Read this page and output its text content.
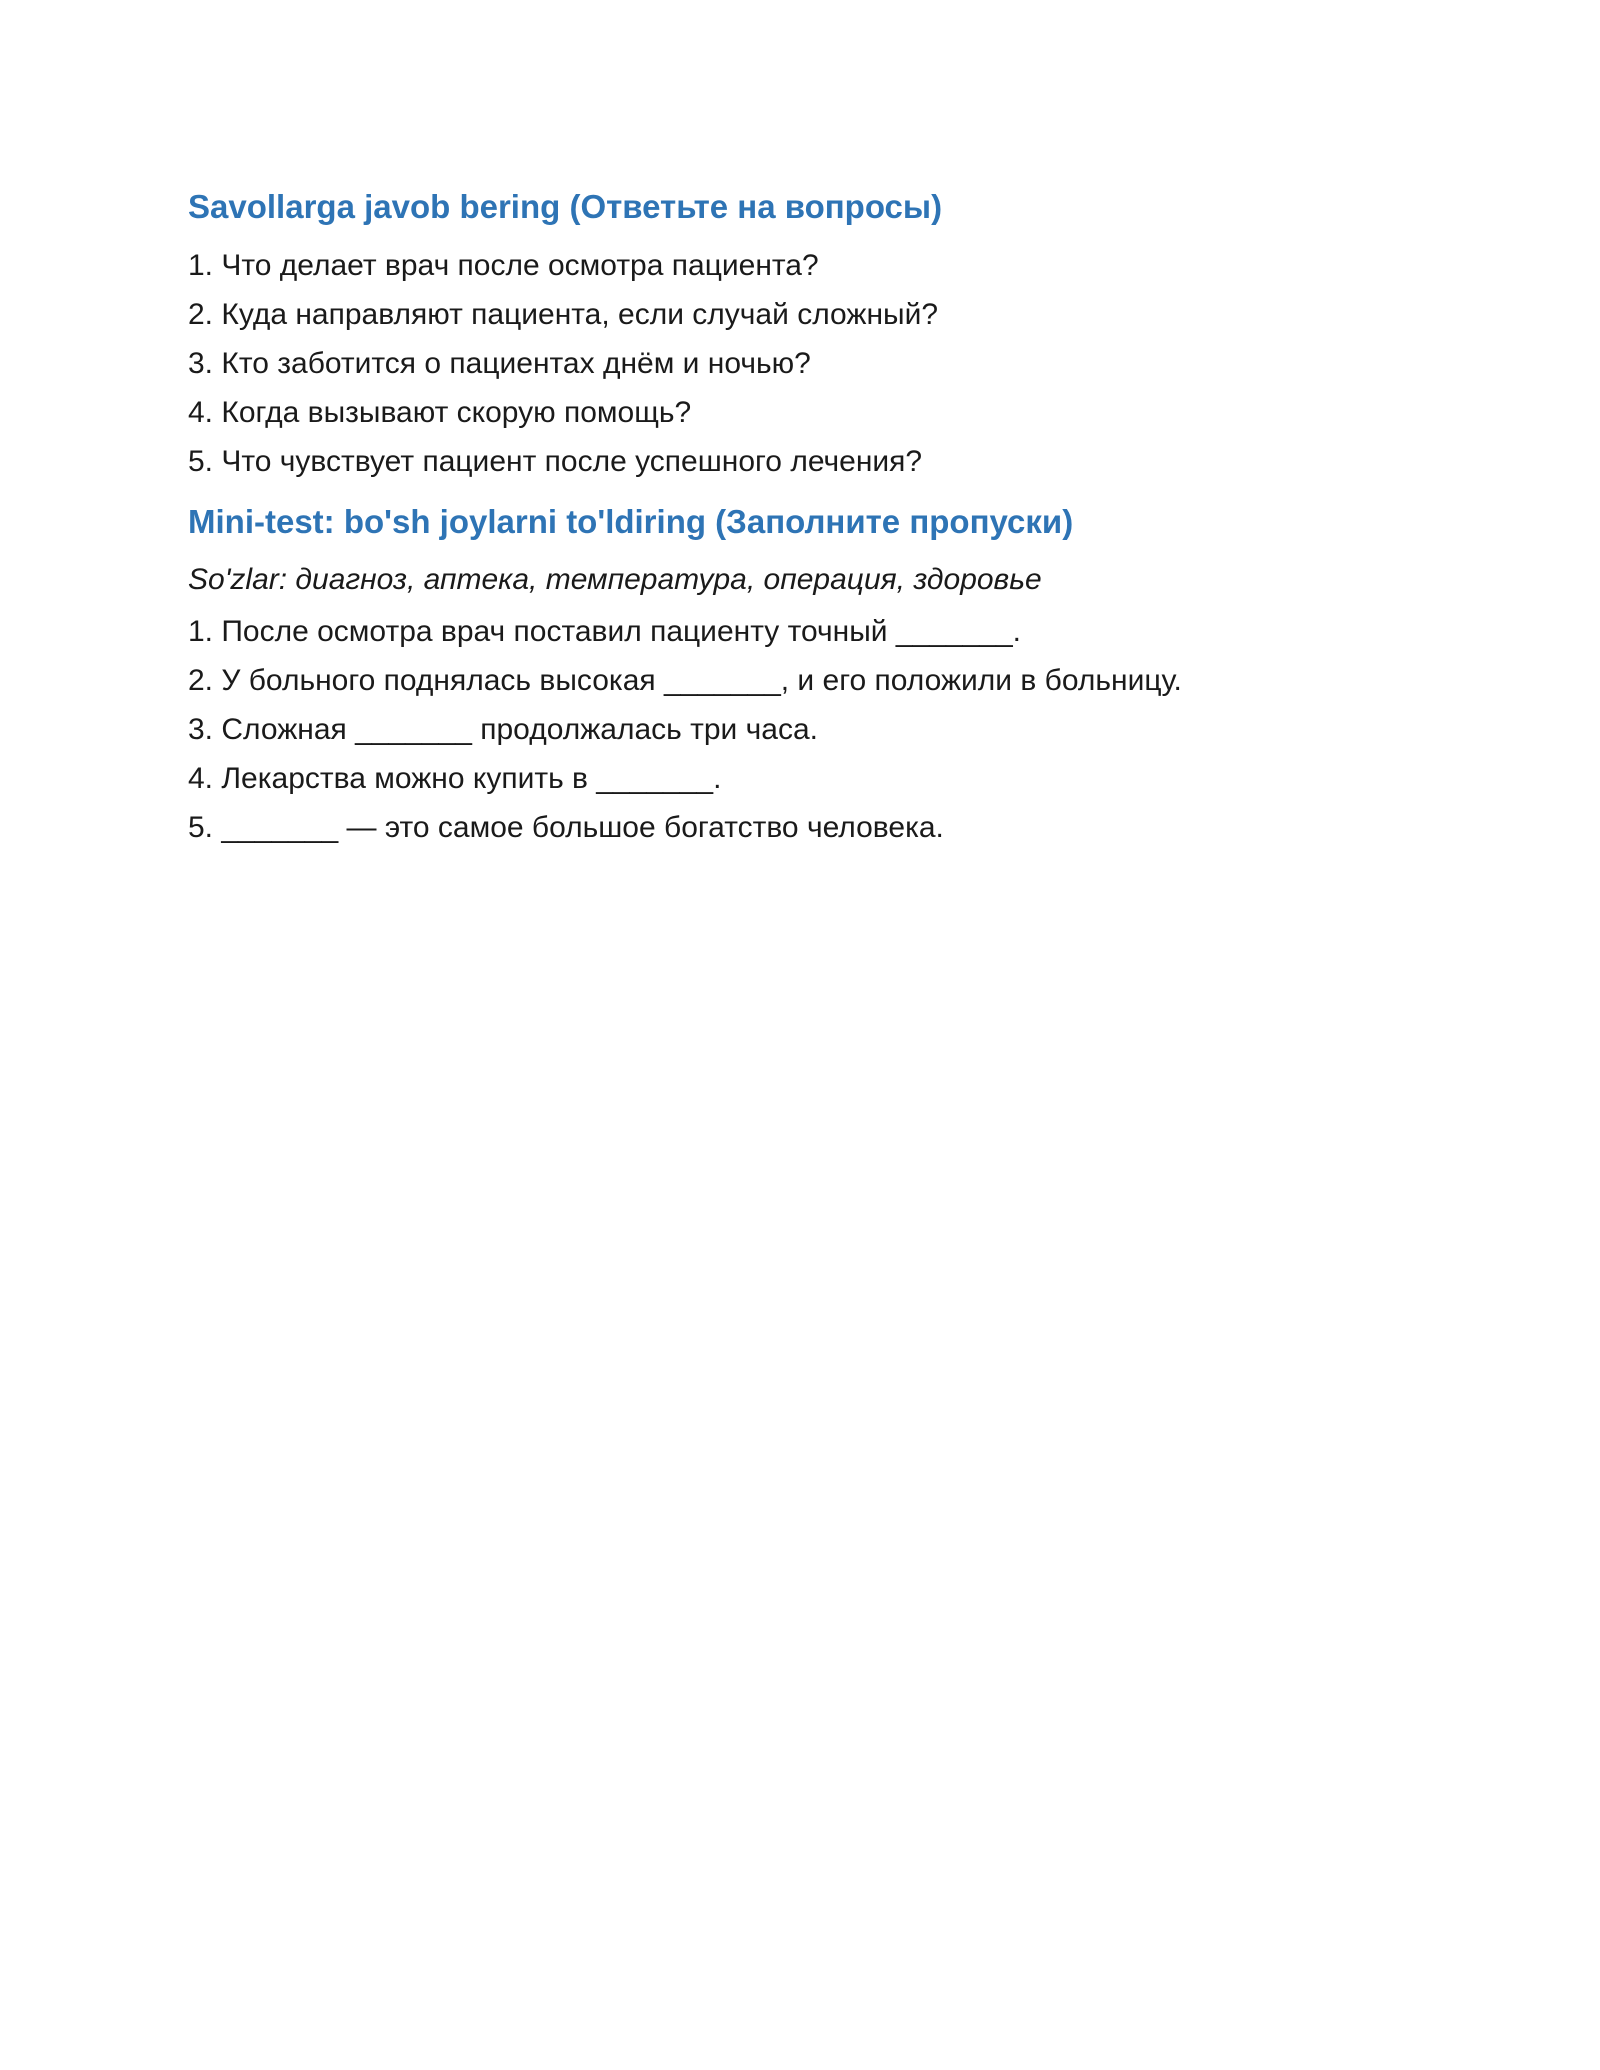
Savollarga javob bering (Ответьте на вопросы)
1. Что делает врач после осмотра пациента?
2. Куда направляют пациента, если случай сложный?
3. Кто заботится о пациентах днём и ночью?
4. Когда вызывают скорую помощь?
5. Что чувствует пациент после успешного лечения?
Mini-test: bo'sh joylarni to'ldiring (Заполните пропуски)

So'zlar: диагноз, аптека, температура, операция, здоровье

1. После осмотра врач поставил пациенту точный _______.
2. У больного поднялась высокая _______, и его положили в больницу.
3. Сложная _______ продолжалась три часа.
4. Лекарства можно купить в _______.
5. _______ — это самое большое богатство человека.
